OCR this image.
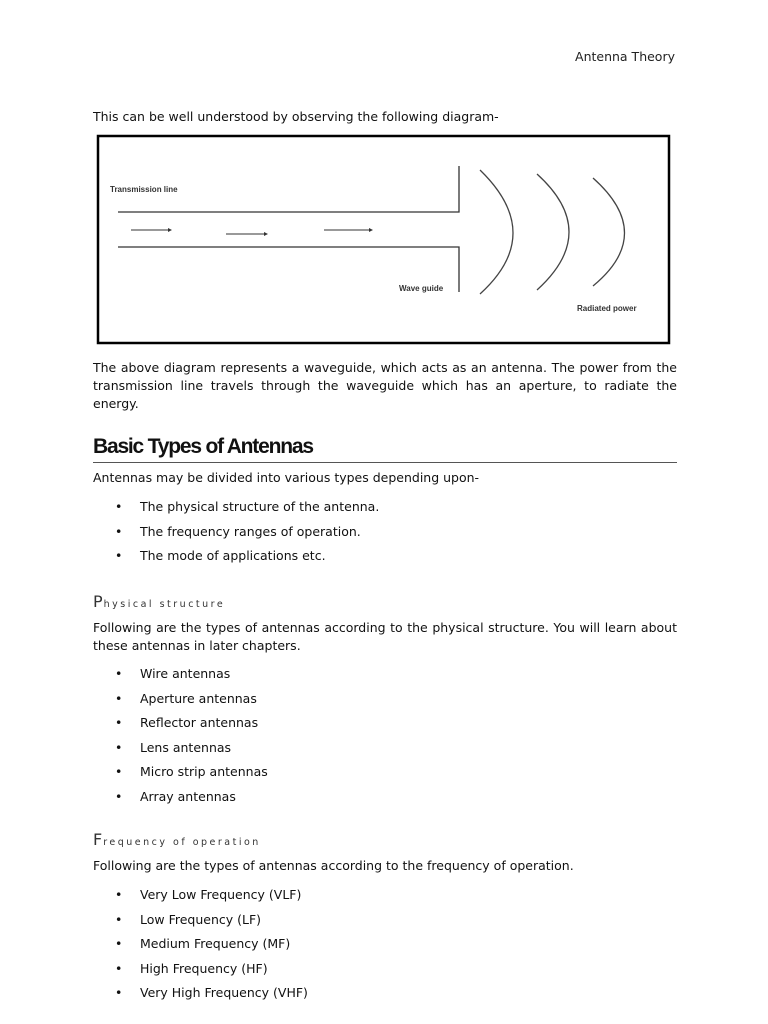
Antenna Theory
This can be well understood by observing the following diagram-
Transmission line
Wave guide
Radiated power
The above diagram represents a waveguide, which acts as an antenna. The power from the transmission line travels through the waveguide which has an aperture, to radiate the energy.
Basic Types of Antennas
Antennas may be divided into various types depending upon-
• The physical structure of the antenna.
• The frequency ranges of operation.
• The mode of applications etc.
Physical structure
Following are the types of antennas according to the physical structure. You will learn about these antennas in later chapters.
• Wire antennas
• Aperture antennas
• Reflector antennas
• Lens antennas
• Micro strip antennas
• Array antennas
Frequency of operation
Following are the types of antennas according to the frequency of operation.
• Very Low Frequency (VLF)
• Low Frequency (LF)
• Medium Frequency (MF)
• High Frequency (HF)
• Very High Frequency (VHF)
